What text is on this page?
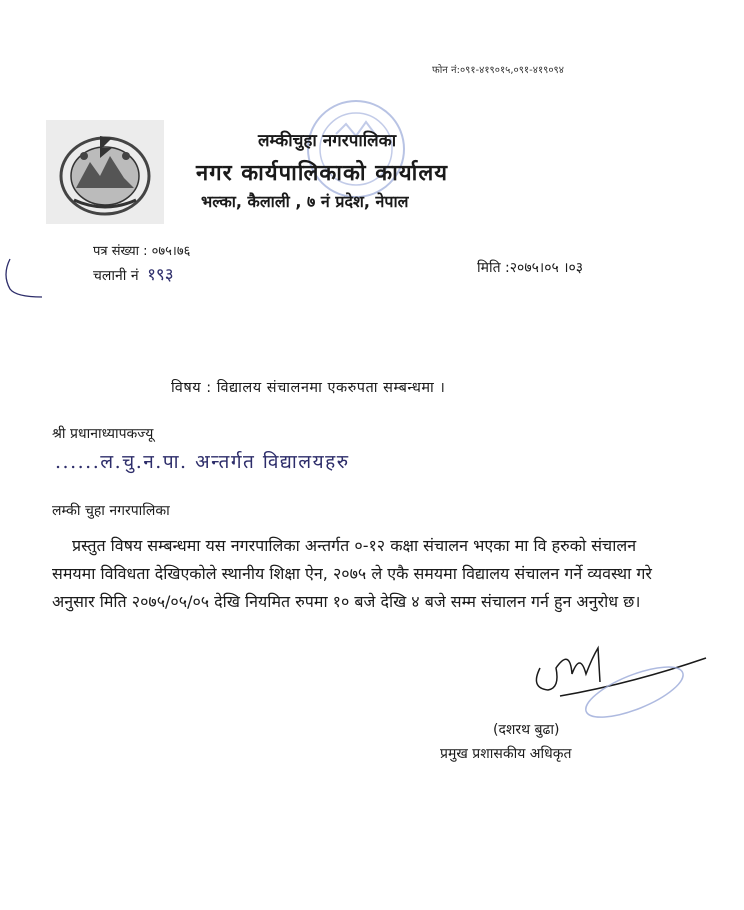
फोन नं:०९१-४१९०१५,०९१-४१९०९४
लम्कीचुहा नगरपालिका
नगर कार्यपालिकाको कार्यालय
भल्का, कैलाली , ७ नं प्रदेश, नेपाल
पत्र संख्या : ०७५।७६
चलानी नं १९३	मिति :२०७५।०५ ।०३
विषय : विद्यालय संचालनमा एकरुपता सम्बन्धमा ।
श्री प्रधानाध्यापकज्यू
......ल.चु.न.पा. अन्तर्गत विद्यालयहरु
लम्की चुहा नगरपालिका
प्रस्तुत विषय सम्बन्धमा यस नगरपालिका अन्तर्गत ०-१२ कक्षा संचालन भएका मा वि हरुको संचालन समयमा विविधता देखिएकोले स्थानीय शिक्षा ऐन, २०७५ ले एकै समयमा विद्यालय संचालन गर्ने व्यवस्था गरे अनुसार मिति २०७५/०५/०५ देखि नियमित रुपमा १० बजे देखि ४ बजे सम्म संचालन गर्न हुन अनुरोध छ।
(दशरथ बुढा)
प्रमुख प्रशासकीय अधिकृत
